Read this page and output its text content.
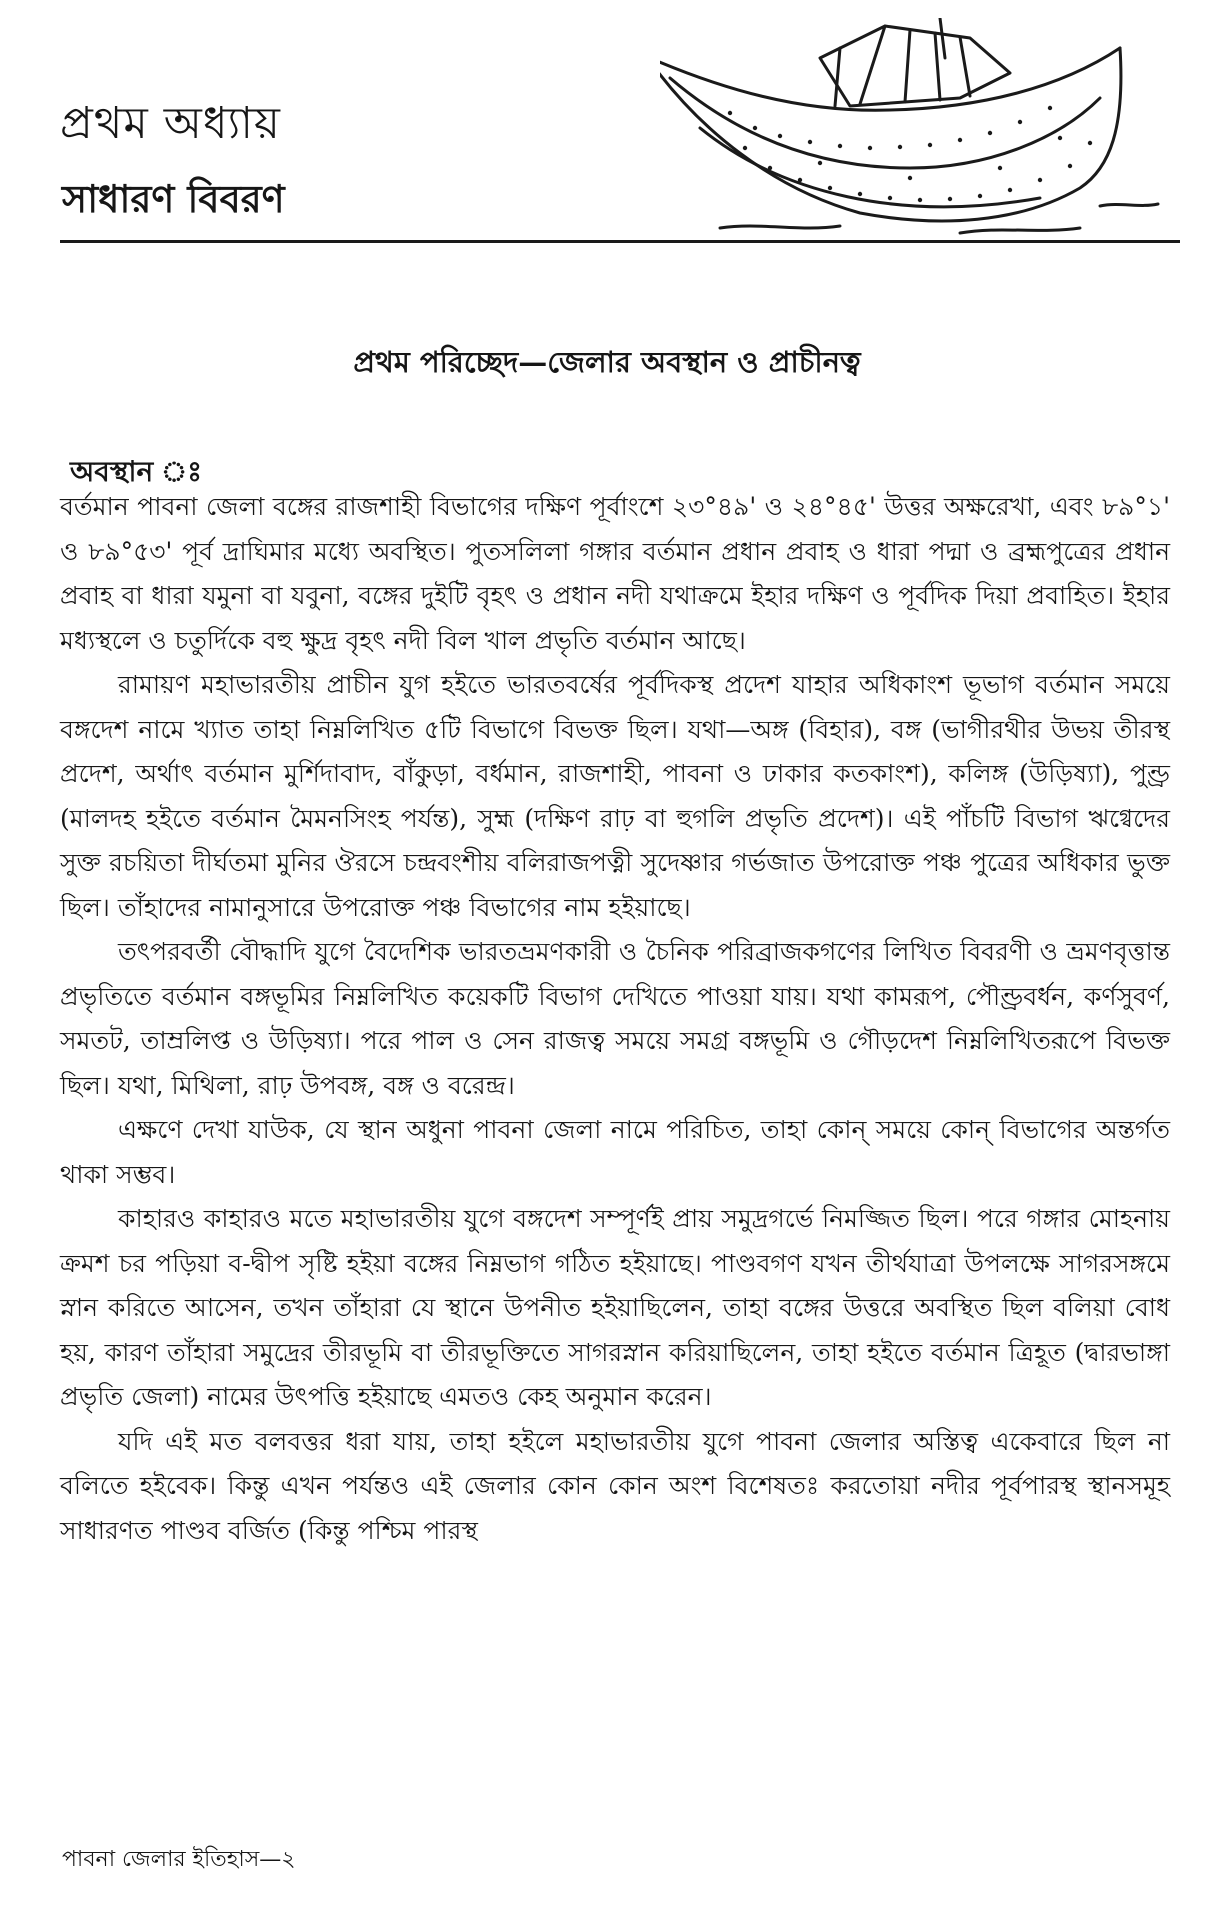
প্রথম অধ্যায়
সাধারণ বিবরণ
প্রথম পরিচ্ছেদ—জেলার অবস্থান ও প্রাচীনত্ব
অবস্থান ঃ

বর্তমান পাবনা জেলা বঙ্গের রাজশাহী বিভাগের দক্ষিণ পূর্বাংশে ২৩°৪৯' ও ২৪°৪৫' উত্তর অক্ষরেখা, এবং ৮৯°১' ও ৮৯°৫৩' পূর্ব দ্রাঘিমার মধ্যে অবস্থিত। পুতসলিলা গঙ্গার বর্তমান প্রধান প্রবাহ ও ধারা পদ্মা ও ব্রহ্মপুত্রের প্রধান প্রবাহ বা ধারা যমুনা বা যবুনা, বঙ্গের দুইটি বৃহৎ ও প্রধান নদী যথাক্রমে ইহার দক্ষিণ ও পূর্বদিক দিয়া প্রবাহিত। ইহার মধ্যস্থলে ও চতুর্দিকে বহু ক্ষুদ্র বৃহৎ নদী বিল খাল প্রভৃতি বর্তমান আছে।

রামায়ণ মহাভারতীয় প্রাচীন যুগ হইতে ভারতবর্ষের পূর্বদিকস্থ প্রদেশ যাহার অধিকাংশ ভূভাগ বর্তমান সময়ে বঙ্গদেশ নামে খ্যাত তাহা নিম্নলিখিত ৫টি বিভাগে বিভক্ত ছিল। যথা—অঙ্গ (বিহার), বঙ্গ (ভাগীরথীর উভয় তীরস্থ প্রদেশ, অর্থাৎ বর্তমান মুর্শিদাবাদ, বাঁকুড়া, বর্ধমান, রাজশাহী, পাবনা ও ঢাকার কতকাংশ), কলিঙ্গ (উড়িষ্যা), পুণ্ড্র (মালদহ হইতে বর্তমান মৈমনসিংহ পর্যন্ত), সুহ্ম (দক্ষিণ রাঢ় বা হুগলি প্রভৃতি প্রদেশ)। এই পাঁচটি বিভাগ ঋগ্বেদের সুক্ত রচয়িতা দীর্ঘতমা মুনির ঔরসে চন্দ্রবংশীয় বলিরাজপত্নী সুদেষ্ণার গর্ভজাত উপরোক্ত পঞ্চ পুত্রের অধিকার ভুক্ত ছিল। তাঁহাদের নামানুসারে উপরোক্ত পঞ্চ বিভাগের নাম হইয়াছে।

তৎপরবর্তী বৌদ্ধাদি যুগে বৈদেশিক ভারতভ্রমণকারী ও চৈনিক পরিব্রাজকগণের লিখিত বিবরণী ও ভ্রমণবৃত্তান্ত প্রভৃতিতে বর্তমান বঙ্গভূমির নিম্নলিখিত কয়েকটি বিভাগ দেখিতে পাওয়া যায়। যথা কামরূপ, পৌণ্ড্রবর্ধন, কর্ণসুবর্ণ, সমতট, তাম্রলিপ্ত ও উড়িষ্যা। পরে পাল ও সেন রাজত্ব সময়ে সমগ্র বঙ্গভূমি ও গৌড়দেশ নিম্নলিখিতরূপে বিভক্ত ছিল। যথা, মিথিলা, রাঢ় উপবঙ্গ, বঙ্গ ও বরেন্দ্র।

এক্ষণে দেখা যাউক, যে স্থান অধুনা পাবনা জেলা নামে পরিচিত, তাহা কোন্ সময়ে কোন্ বিভাগের অন্তর্গত থাকা সম্ভব।

কাহারও কাহারও মতে মহাভারতীয় যুগে বঙ্গদেশ সম্পূর্ণই প্রায় সমুদ্রগর্ভে নিমজ্জিত ছিল। পরে গঙ্গার মোহনায় ক্রমশ চর পড়িয়া ব-দ্বীপ সৃষ্টি হইয়া বঙ্গের নিম্নভাগ গঠিত হইয়াছে। পাণ্ডবগণ যখন তীর্থযাত্রা উপলক্ষে সাগরসঙ্গমে স্নান করিতে আসেন, তখন তাঁহারা যে স্থানে উপনীত হইয়াছিলেন, তাহা বঙ্গের উত্তরে অবস্থিত ছিল বলিয়া বোধ হয়, কারণ তাঁহারা সমুদ্রের তীরভূমি বা তীরভূক্তিতে সাগরস্নান করিয়াছিলেন, তাহা হইতে বর্তমান ত্রিহূত (দ্বারভাঙ্গা প্রভৃতি জেলা) নামের উৎপত্তি হইয়াছে এমতও কেহ অনুমান করেন।

যদি এই মত বলবত্তর ধরা যায়, তাহা হইলে মহাভারতীয় যুগে পাবনা জেলার অস্তিত্ব একেবারে ছিল না বলিতে হইবেক। কিন্তু এখন পর্যন্তও এই জেলার কোন কোন অংশ বিশেষতঃ করতোয়া নদীর পূর্বপারস্থ স্থানসমূহ সাধারণত পাণ্ডব বর্জিত (কিন্তু পশ্চিম পারস্থ

পাবনা জেলার ইতিহাস—২
